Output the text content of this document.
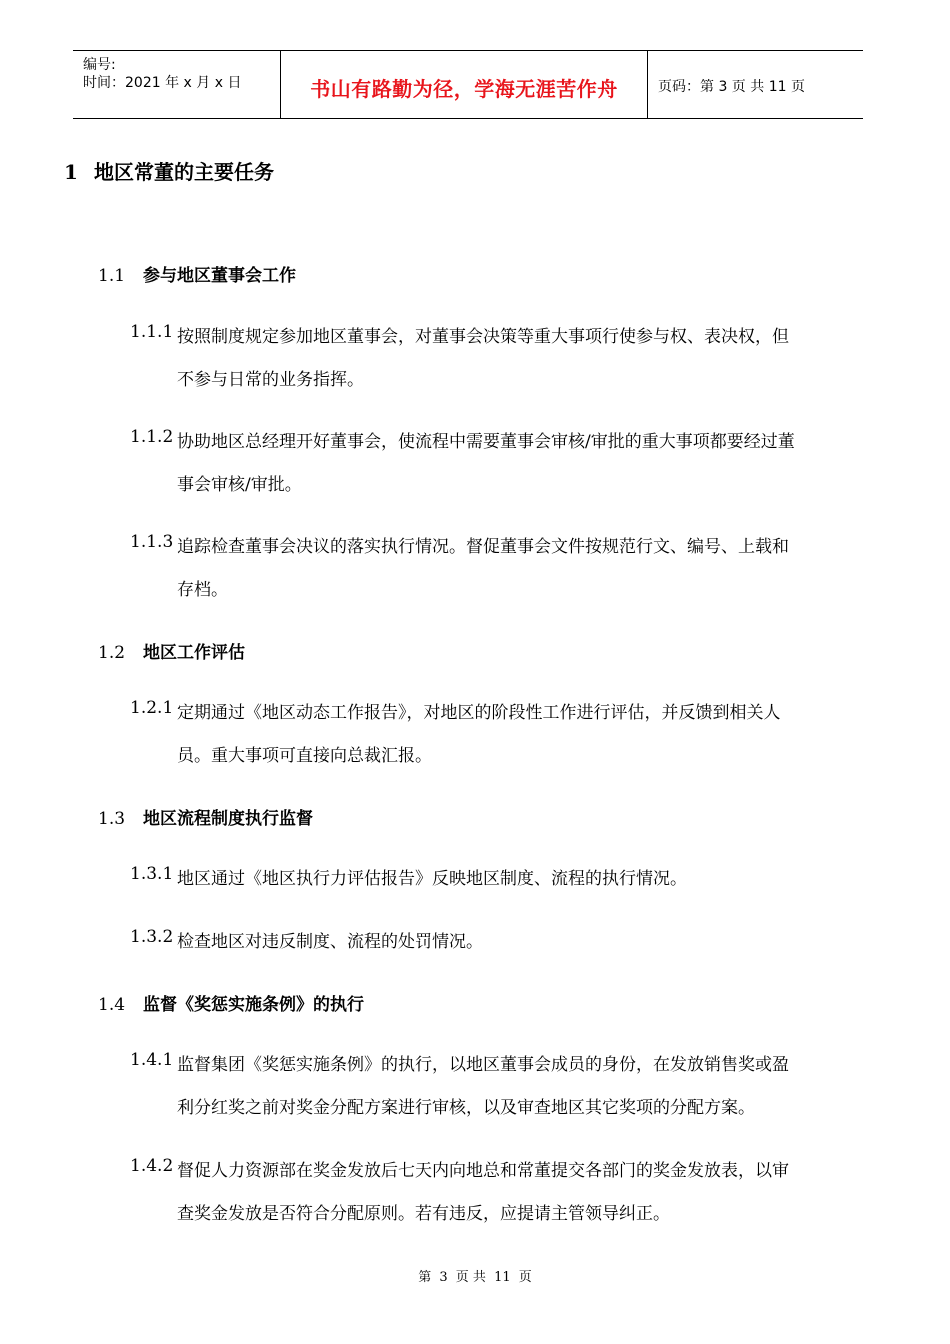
编号:
时间：2021 年 x 月 x 日	书山有路勤为径，学海无涯苦作舟	页码：第 3 页 共 11 页
1 地区常董的主要任务
1.1 参与地区董事会工作
1.1.1 按照制度规定参加地区董事会，对董事会决策等重大事项行使参与权、表决权，但
不参与日常的业务指挥。
1.1.2 协助地区总经理开好董事会，使流程中需要董事会审核/审批的重大事项都要经过董
事会审核/审批。
1.1.3 追踪检查董事会决议的落实执行情况。督促董事会文件按规范行文、编号、上载和
存档。
1.2 地区工作评估
1.2.1 定期通过《地区动态工作报告》，对地区的阶段性工作进行评估，并反馈到相关人
员。重大事项可直接向总裁汇报。
1.3 地区流程制度执行监督
1.3.1 地区通过《地区执行力评估报告》反映地区制度、流程的执行情况。
1.3.2 检查地区对违反制度、流程的处罚情况。
1.4 监督《奖惩实施条例》的执行
1.4.1 监督集团《奖惩实施条例》的执行，以地区董事会成员的身份，在发放销售奖或盈
利分红奖之前对奖金分配方案进行审核，以及审查地区其它奖项的分配方案。
1.4.2 督促人力资源部在奖金发放后七天内向地总和常董提交各部门的奖金发放表，以审
查奖金发放是否符合分配原则。若有违反，应提请主管领导纠正。
第 3 页 共 11 页
